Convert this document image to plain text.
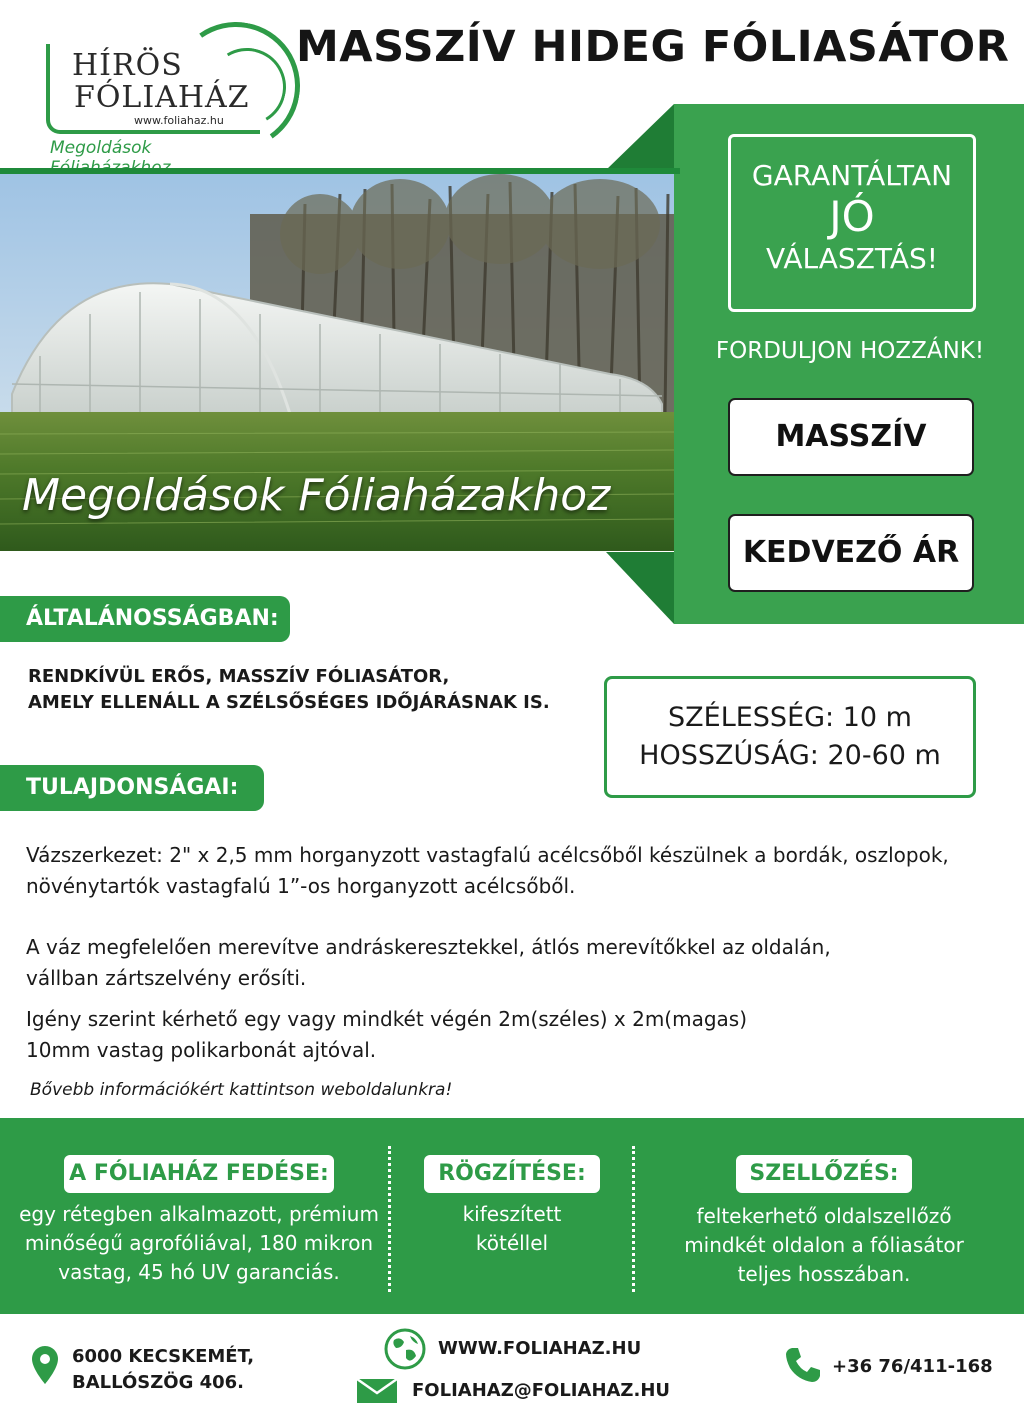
HÍRÖS
FÓLIAHÁZ
www.foliahaz.hu
Megoldások
MASSZÍV HIDEG FÓLIASÁTOR
Megoldások Fóliaházakhoz
GARANTÁLTAN
JÓ
VÁLASZTÁS!
FORDULJON HOZZÁNK!
MASSZÍV
KEDVEZŐ ÁR
ÁLTALÁNOSSÁGBAN:
RENDKÍVÜL ERŐS, MASSZÍV FÓLIASÁTOR,
AMELY ELLENÁLL A SZÉLSŐSÉGES IDŐJÁRÁSNAK IS.	SZÉLESSÉG: 10 m
HOSSZÚSÁG: 20-60 m
TULAJDONSÁGAI:
Vázszerkezet: 2" x 2,5 mm horganyzott vastagfalú acélcsőből készülnek a bordák, oszlopok,
növénytartók vastagfalú 1”-os horganyzott acélcsőből.
A váz megfelelően merevítve andráskeresztekkel, átlós merevítőkkel az oldalán,
vállban zártszelvény erősíti.
Igény szerint kérhető egy vagy mindkét végén 2m(széles) x 2m(magas)
10mm vastag polikarbonát ajtóval.
Bővebb információkért kattintson weboldalunkra!
A FÓLIAHÁZ FEDÉSE:
egy rétegben alkalmazott, prémium
minőségű agrofóliával, 180 mikron
vastag, 45 hó UV garanciás.
RÖGZÍTÉSE:
kifeszített
kötéllel
SZELLŐZÉS:
feltekerhető oldalszellőző
mindkét oldalon a fóliasátor
teljes hosszában.
6000 KECSKEMÉT,
BALLÓSZÖG 406.
WWW.FOLIAHAZ.HU
FOLIAHAZ@FOLIAHAZ.HU
+36 76/411-168
